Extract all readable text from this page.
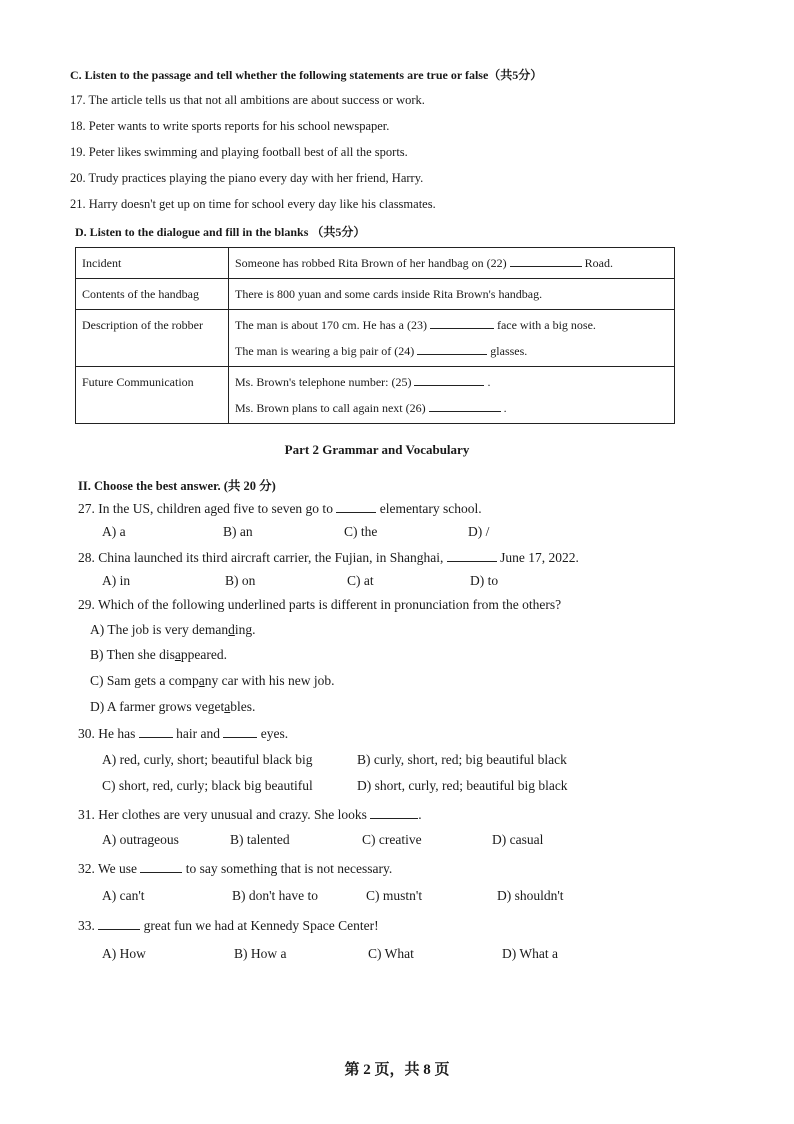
C. Listen to the passage and tell whether the following statements are true or false（共5分）
17. The article tells us that not all ambitions are about success or work.
18. Peter wants to write sports reports for his school newspaper.
19. Peter likes swimming and playing football best of all the sports.
20. Trudy practices playing the piano every day with her friend, Harry.
21. Harry doesn't get up on time for school every day like his classmates.
D. Listen to the dialogue and fill in the blanks （共5分）
Incident	Someone has robbed Rita Brown of her handbag on (22) Road.
Contents of the handbag	There is 800 yuan and some cards inside Rita Brown's handbag.
Description of the robber	The man is about 170 cm. He has a (23) face with a big nose.
The man is wearing a big pair of (24) glasses.

Future Communication	Ms. Brown's telephone number: (25) .
Ms. Brown plans to call again next (26) .
Part 2 Grammar and Vocabulary
II. Choose the best answer. (共 20 分)
27. In the US, children aged five to seven go to	elementary school.
A) a	B) an	C) the	D) /
28. China launched its third aircraft carrier, the Fujian, in Shanghai,	June 17, 2022.
A) in	B) on	C) at	D) to
29. Which of the following underlined parts is different in pronunciation from the others?
A) The job is very demanding.
B) Then she disappeared.
C) Sam gets a company car with his new job.
D) A farmer grows vegetables.
30. He has	hair and	eyes.
A) red, curly, short; beautiful black big	B) curly, short, red; big beautiful black
C) short, red, curly; black big beautiful	D) short, curly, red; beautiful big black
31. Her clothes are very unusual and crazy. She looks	.
A) outrageous	B) talented	C) creative	D) casual
32. We use	to say something that is not necessary.
A) can't	B) don't have to	C) mustn't	D) shouldn't
33.	great fun we had at Kennedy Space Center!
A) How	B) How a	C) What	D) What a
第 2 页，共 8 页
